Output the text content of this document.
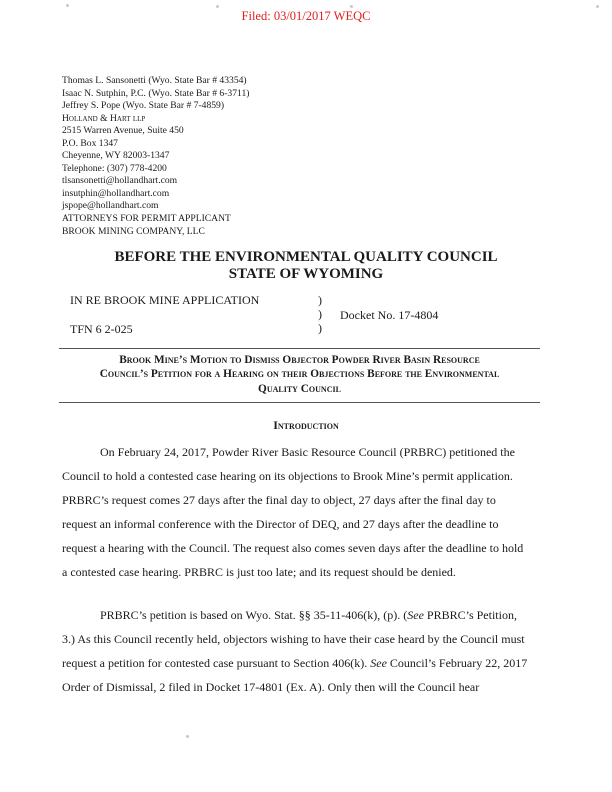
Filed: 03/01/2017 WEQC
Thomas L. Sansonetti (Wyo. State Bar # 43354)
Isaac N. Sutphin, P.C. (Wyo. State Bar # 6-3711)
Jeffrey S. Pope (Wyo. State Bar # 7-4859)
Holland & Hart llp
2515 Warren Avenue, Suite 450
P.O. Box 1347
Cheyenne, WY 82003-1347
Telephone: (307) 778-4200
tlsansonetti@hollandhart.com
insutphin@hollandhart.com
jspope@hollandhart.com
ATTORNEYS FOR PERMIT APPLICANT
BROOK MINING COMPANY, LLC
BEFORE THE ENVIRONMENTAL QUALITY COUNCIL
STATE OF WYOMING
IN RE BROOK MINE APPLICATION
TFN 6 2-025
)
)
)
Docket No. 17-4804
Brook Mine’s Motion to Dismiss Objector Powder River Basin Resource
Council’s Petition for a Hearing on their Objections Before the Environmental
Quality Council
Introduction
On February 24, 2017, Powder River Basic Resource Council (PRBRC) petitioned the
Council to hold a contested case hearing on its objections to Brook Mine’s permit application.
PRBRC’s request comes 27 days after the final day to object, 27 days after the final day to
request an informal conference with the Director of DEQ, and 27 days after the deadline to
request a hearing with the Council. The request also comes seven days after the deadline to hold
a contested case hearing. PRBRC is just too late; and its request should be denied.
PRBRC’s petition is based on Wyo. Stat. §§ 35-11-406(k), (p). (See PRBRC’s Petition,
3.) As this Council recently held, objectors wishing to have their case heard by the Council must
request a petition for contested case pursuant to Section 406(k). See Council’s February 22, 2017
Order of Dismissal, 2 filed in Docket 17-4801 (Ex. A). Only then will the Council hear
